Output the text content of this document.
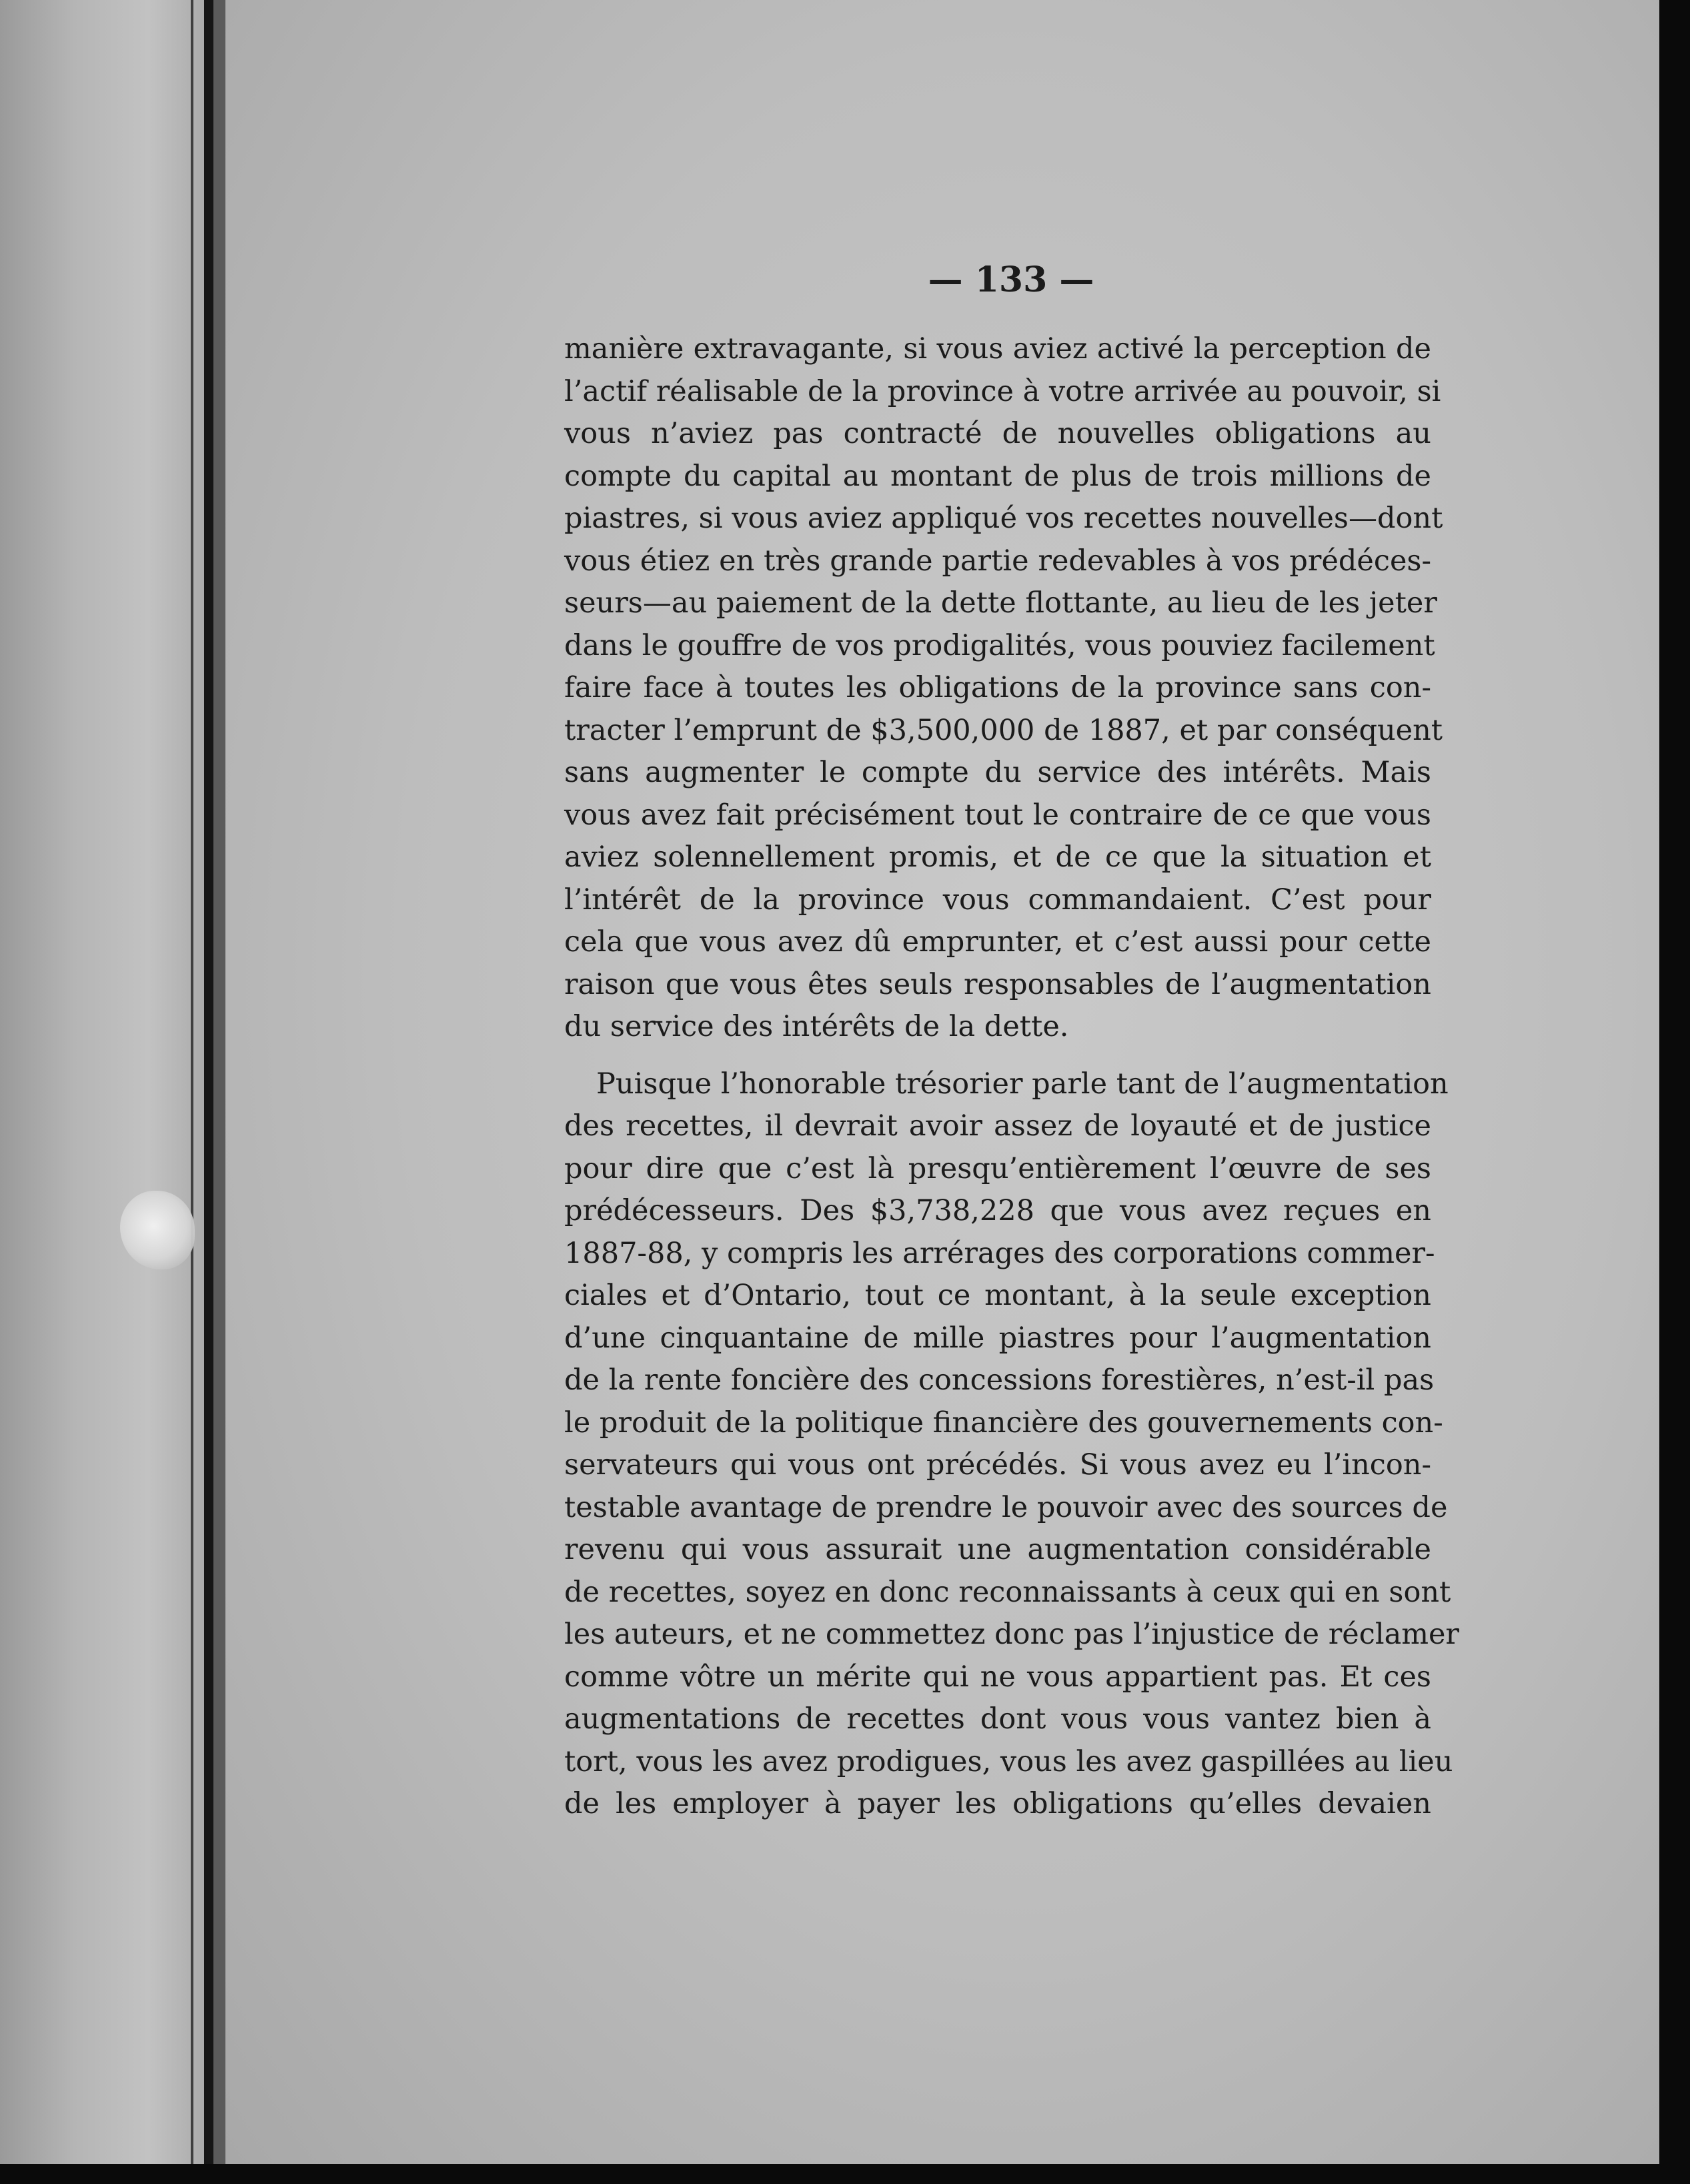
— 133 —
manière extravagante, si vous aviez activé la perception de
l’actif réalisable de la province à votre arrivée au pouvoir, si
vous n’aviez pas contracté de nouvelles obligations au
compte du capital au montant de plus de trois millions de
piastres, si vous aviez appliqué vos recettes nouvelles—dont
vous étiez en très grande partie redevables à vos prédéces-
seurs—au paiement de la dette flottante, au lieu de les jeter
dans le gouffre de vos prodigalités, vous pouviez facilement
faire face à toutes les obligations de la province sans con-
tracter l’emprunt de $3,500,000 de 1887, et par conséquent
sans augmenter le compte du service des intérêts. Mais
vous avez fait précisément tout le contraire de ce que vous
aviez solennellement promis, et de ce que la situation et
l’intérêt de la province vous commandaient. C’est pour
cela que vous avez dû emprunter, et c’est aussi pour cette
raison que vous êtes seuls responsables de l’augmentation
du service des intérêts de la dette.
Puisque l’honorable trésorier parle tant de l’augmentation
des recettes, il devrait avoir assez de loyauté et de justice
pour dire que c’est là presqu’entièrement l’œuvre de ses
prédécesseurs. Des $3,738,228 que vous avez reçues en
1887-88, y compris les arrérages des corporations commer-
ciales et d’Ontario, tout ce montant, à la seule exception
d’une cinquantaine de mille piastres pour l’augmentation
de la rente foncière des concessions forestières, n’est-il pas
le produit de la politique financière des gouvernements con-
servateurs qui vous ont précédés. Si vous avez eu l’incon-
testable avantage de prendre le pouvoir avec des sources de
revenu qui vous assurait une augmentation considérable
de recettes, soyez en donc reconnaissants à ceux qui en sont
les auteurs, et ne commettez donc pas l’injustice de réclamer
comme vôtre un mérite qui ne vous appartient pas. Et ces
augmentations de recettes dont vous vous vantez bien à
tort, vous les avez prodigues, vous les avez gaspillées au lieu
de les employer à payer les obligations qu’elles devaien
